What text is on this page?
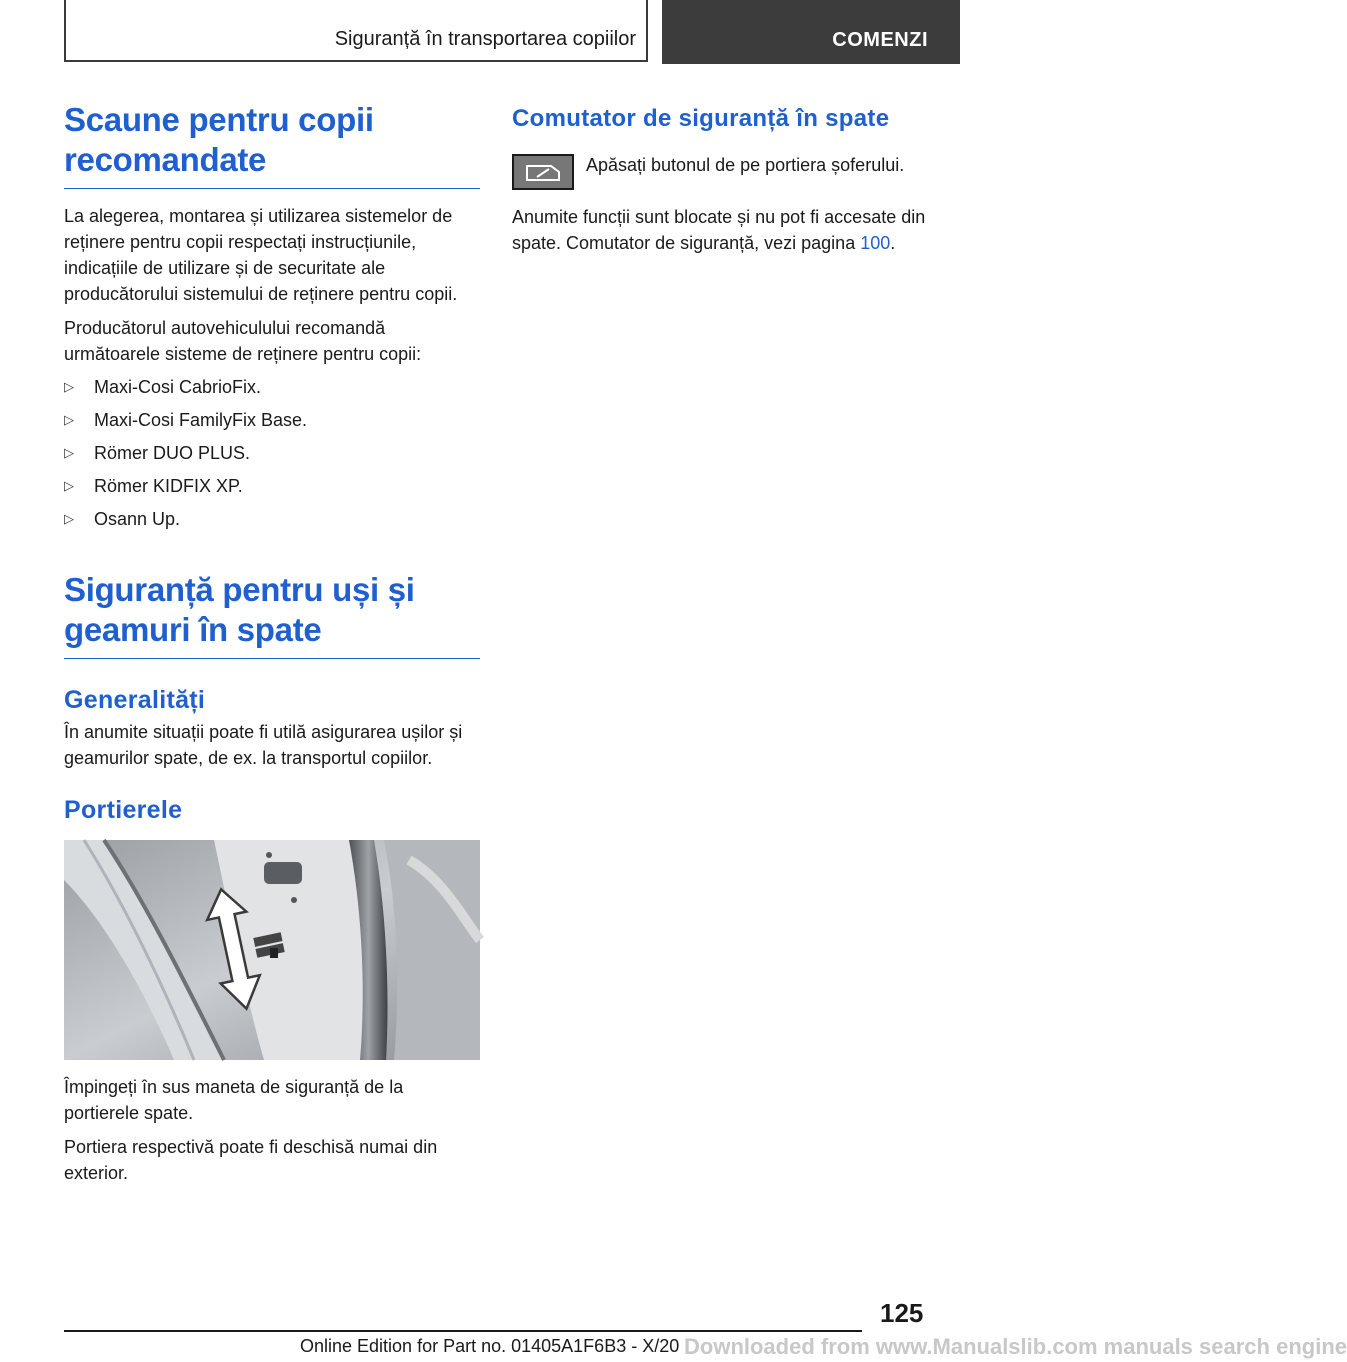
Siguranță în transportarea copiilor	COMENZI
Scaune pentru copii recomandate

La alegerea, montarea și utilizarea sistemelor de reținere pentru copii respectați instrucțiunile, indicațiile de utilizare și de securitate ale producătorului sistemului de reținere pentru copii.

Producătorul autovehiculului recomandă următoarele sisteme de reținere pentru copii:

▷ Maxi-Cosi CabrioFix.
▷ Maxi-Cosi FamilyFix Base.
▷ Römer DUO PLUS.
▷ Römer KIDFIX XP.
▷ Osann Up.
Siguranță pentru uși și geamuri în spate
Generalități

În anumite situații poate fi utilă asigurarea ușilor și geamurilor spate, de ex. la transportul copiilor.

Portierele

Împingeți în sus maneta de siguranță de la portierele spate.

Portiera respectivă poate fi deschisă numai din exterior.

Comutator de siguranță în spate

Apăsați butonul de pe portiera șoferului.

Anumite funcții sunt blocate și nu pot fi accesate din spate. Comutator de siguranță, vezi pagina 100.

125
Online Edition for Part no. 01405A1F6B3 - X/20 Downloaded from www.Manualslib.com manuals search engine
